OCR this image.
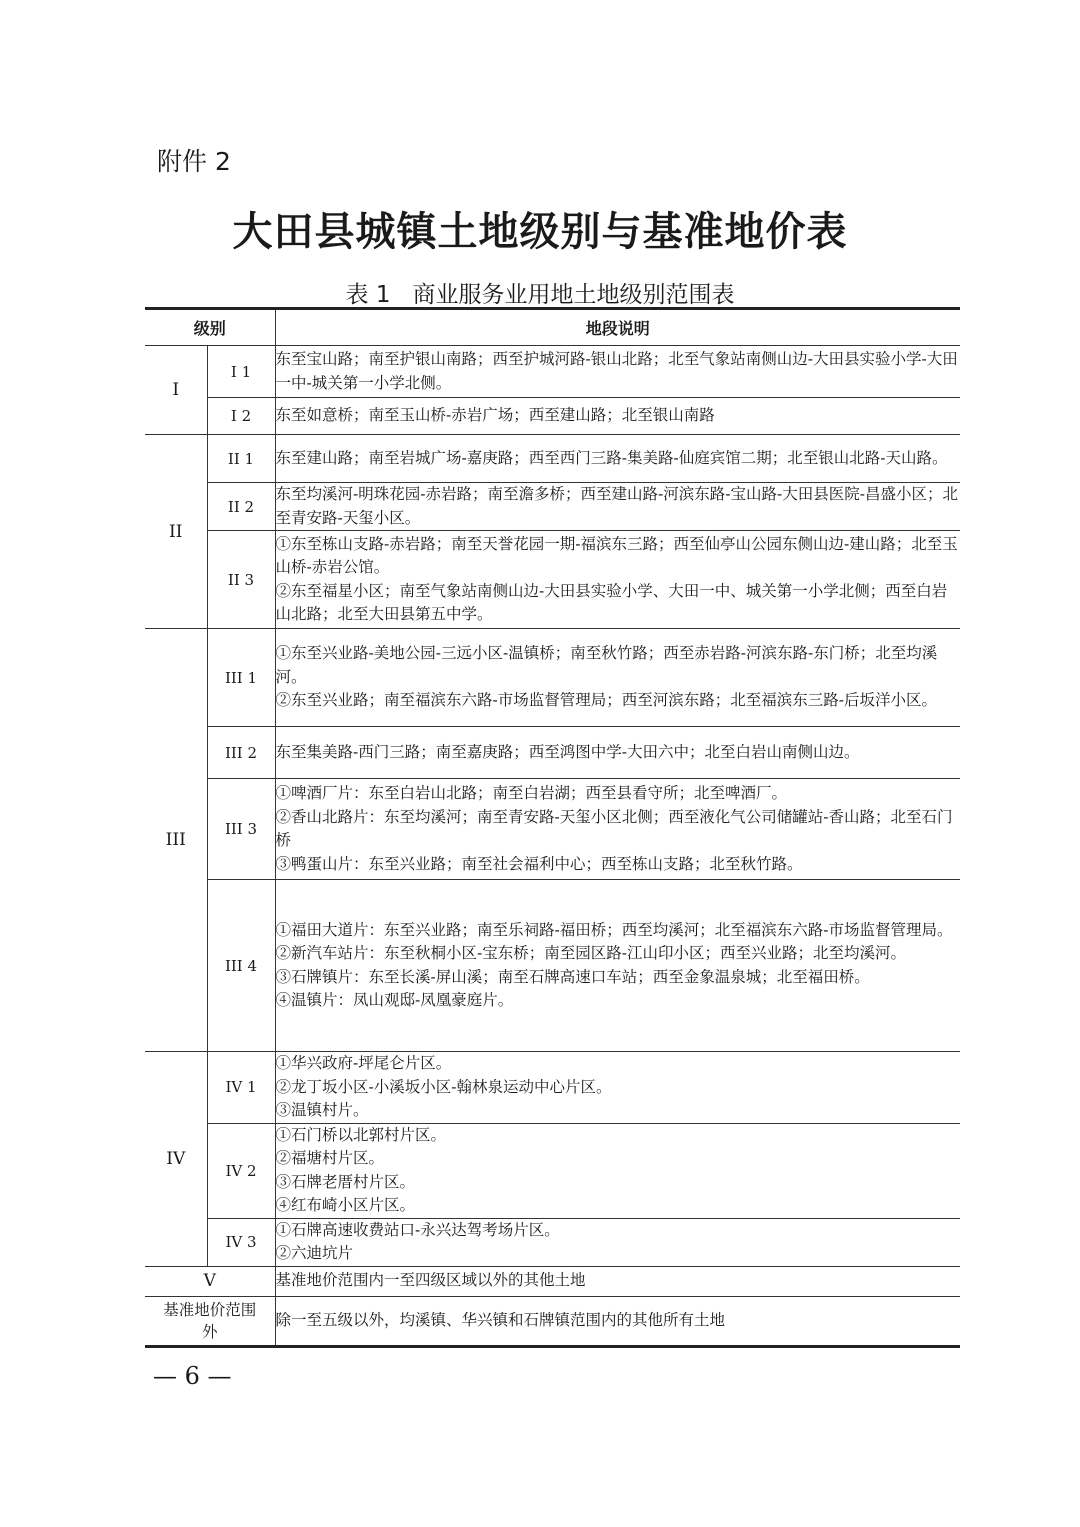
附件 2
大田县城镇土地级别与基准地价表
表 1 商业服务业用地土地级别范围表
级别		地段说明
I	I 1	东至宝山路；南至护银山南路；西至护城河路-银山北路；北至气象站南侧山边-大田县实验小学-大田一中-城关第一小学北侧。

	I 2	东至如意桥；南至玉山桥-赤岩广场；西至建山路；北至银山南路

II	II 1	东至建山路；南至岩城广场-嘉庚路；西至西门三路-集美路-仙庭宾馆二期；北至银山北路-天山路。

	II 2	东至均溪河-明珠花园-赤岩路；南至澹多桥；西至建山路-河滨东路-宝山路-大田县医院-昌盛小区；北至青安路-天玺小区。

	II 3	①东至栋山支路-赤岩路；南至天誉花园一期-福滨东三路；西至仙亭山公园东侧山边-建山路；北至玉山桥-赤岩公馆。
②东至福星小区；南至气象站南侧山边-大田县实验小学、大田一中、城关第一小学北侧；西至白岩山北路；北至大田县第五中学。

III	III 1	①东至兴业路-美地公园-三远小区-温镇桥；南至秋竹路；西至赤岩路-河滨东路-东门桥；北至均溪河。
②东至兴业路；南至福滨东六路-市场监督管理局；西至河滨东路；北至福滨东三路-后坂洋小区。

	III 2	东至集美路-西门三路；南至嘉庚路；西至鸿图中学-大田六中；北至白岩山南侧山边。

	III 3	①啤酒厂片：东至白岩山北路；南至白岩湖；西至县看守所；北至啤酒厂。
②香山北路片：东至均溪河；南至青安路-天玺小区北侧；西至液化气公司储罐站-香山路；北至石门桥
③鸭蛋山片：东至兴业路；南至社会福利中心；西至栋山支路；北至秋竹路。

	III 4	①福田大道片：东至兴业路；南至乐祠路-福田桥；西至均溪河；北至福滨东六路-市场监督管理局。
②新汽车站片：东至秋桐小区-宝东桥；南至园区路-江山印小区；西至兴业路；北至均溪河。
③石牌镇片：东至长溪-屏山溪；南至石牌高速口车站；西至金象温泉城；北至福田桥。
④温镇片：凤山观邸-凤凰豪庭片。

IV	IV 1	①华兴政府-坪尾仑片区。
②龙丁坂小区-小溪坂小区-翰林泉运动中心片区。
③温镇村片。

	IV 2	①石门桥以北郭村片区。
②福塘村片区。
③石牌老厝村片区。
④红布崎小区片区。

	IV 3	①石牌高速收费站口-永兴达驾考场片区。
②六迪坑片

V		基准地价范围内一至四级区域以外的其他土地
基准地价范围外		除一至五级以外，均溪镇、华兴镇和石牌镇范围内的其他所有土地
— 6 —
